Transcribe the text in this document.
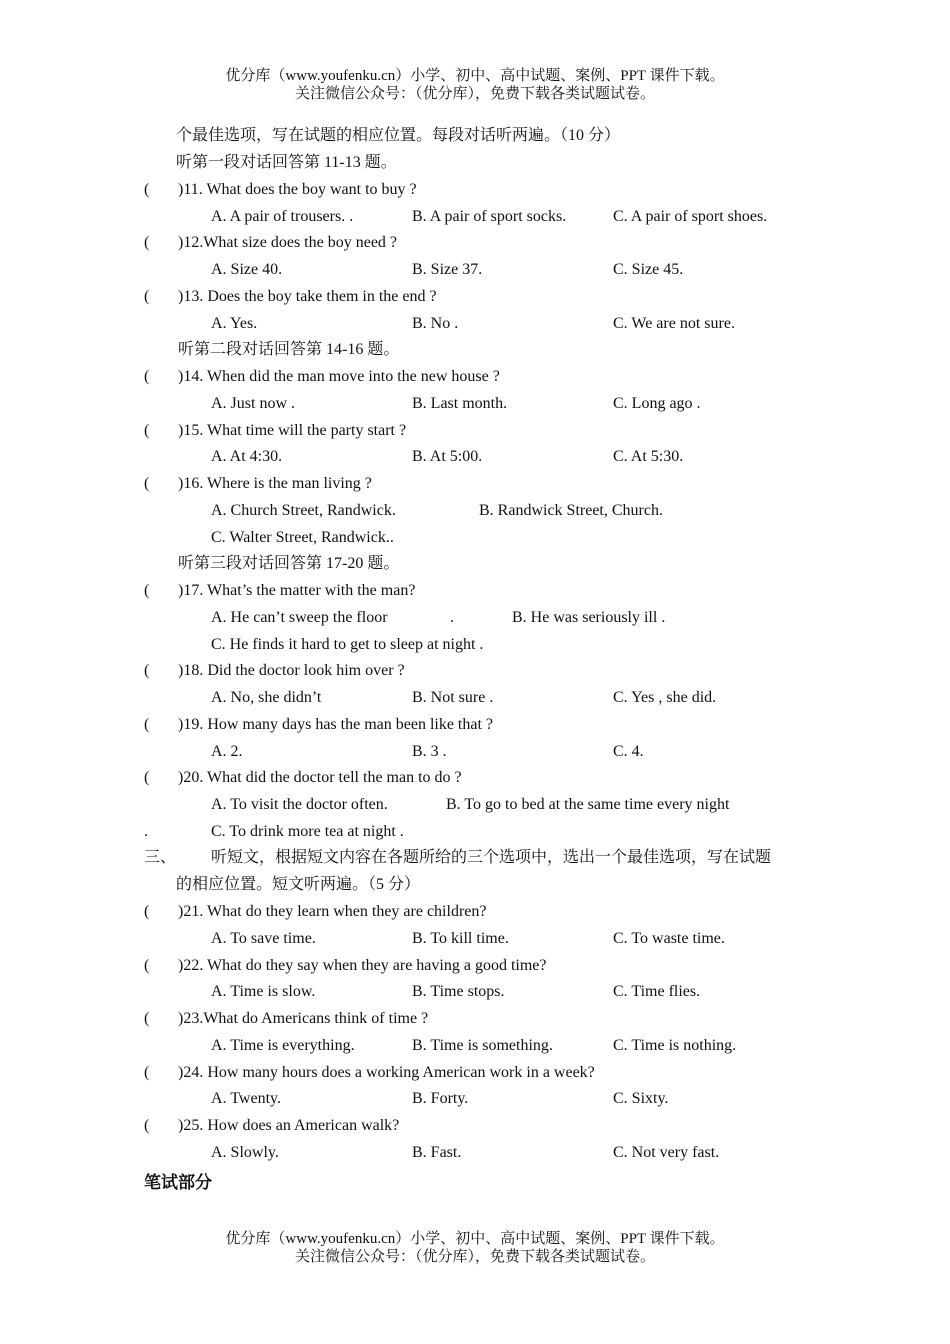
优分库（www.youfenku.cn）小学、初中、高中试题、案例、PPT 课件下载。
关注微信公众号：（优分库），免费下载各类试题试卷。
个最佳选项，写在试题的相应位置。每段对话听两遍。（10 分）
听第一段对话回答第 11-13 题。
( )11. What does the boy want to buy ?
A. A pair of trousers. .	B. A pair of sport socks.	C. A pair of sport shoes.
( )12.What size does the boy need ?
A. Size 40.	B. Size 37.	C. Size 45.
( )13. Does the boy take them in the end ?
A. Yes.	B. No .	C. We are not sure.
听第二段对话回答第 14-16 题。
( )14. When did the man move into the new house ?
A. Just now .	B. Last month.	C. Long ago .
( )15. What time will the party start ?
A. At 4:30.	B. At 5:00.	C. At 5:30.
( )16. Where is the man living ?
A. Church Street, Randwick.	B. Randwick Street, Church.
C. Walter Street, Randwick..
听第三段对话回答第 17-20 题。
( )17. What’s the matter with the man?
A. He can’t sweep the floor	.	B. He was seriously ill .
C. He finds it hard to get to sleep at night .
( )18. Did the doctor look him over ?
A. No, she didn’t	B. Not sure .	C. Yes , she did.
( )19. How many days has the man been like that ?
A. 2.	B. 3 .	C. 4.
( )20. What did the doctor tell the man to do ?
A. To visit the doctor often.	B. To go to bed at the same time every night
.	C. To drink more tea at night .
三、 听短文，根据短文内容在各题所给的三个选项中，选出一个最佳选项，写在试题
的相应位置。短文听两遍。（5 分）
( )21. What do they learn when they are children?
A. To save time.	B. To kill time.	C. To waste time.
( )22. What do they say when they are having a good time?
A. Time is slow.	B. Time stops.	C. Time flies.
( )23.What do Americans think of time ?
A. Time is everything.	B. Time is something.	C. Time is nothing.
( )24. How many hours does a working American work in a week?
A. Twenty.	B. Forty.	C. Sixty.
( )25. How does an American walk?
A. Slowly.	B. Fast.	C. Not very fast.
笔试部分
优分库（www.youfenku.cn）小学、初中、高中试题、案例、PPT 课件下载。
关注微信公众号：（优分库），免费下载各类试题试卷。
